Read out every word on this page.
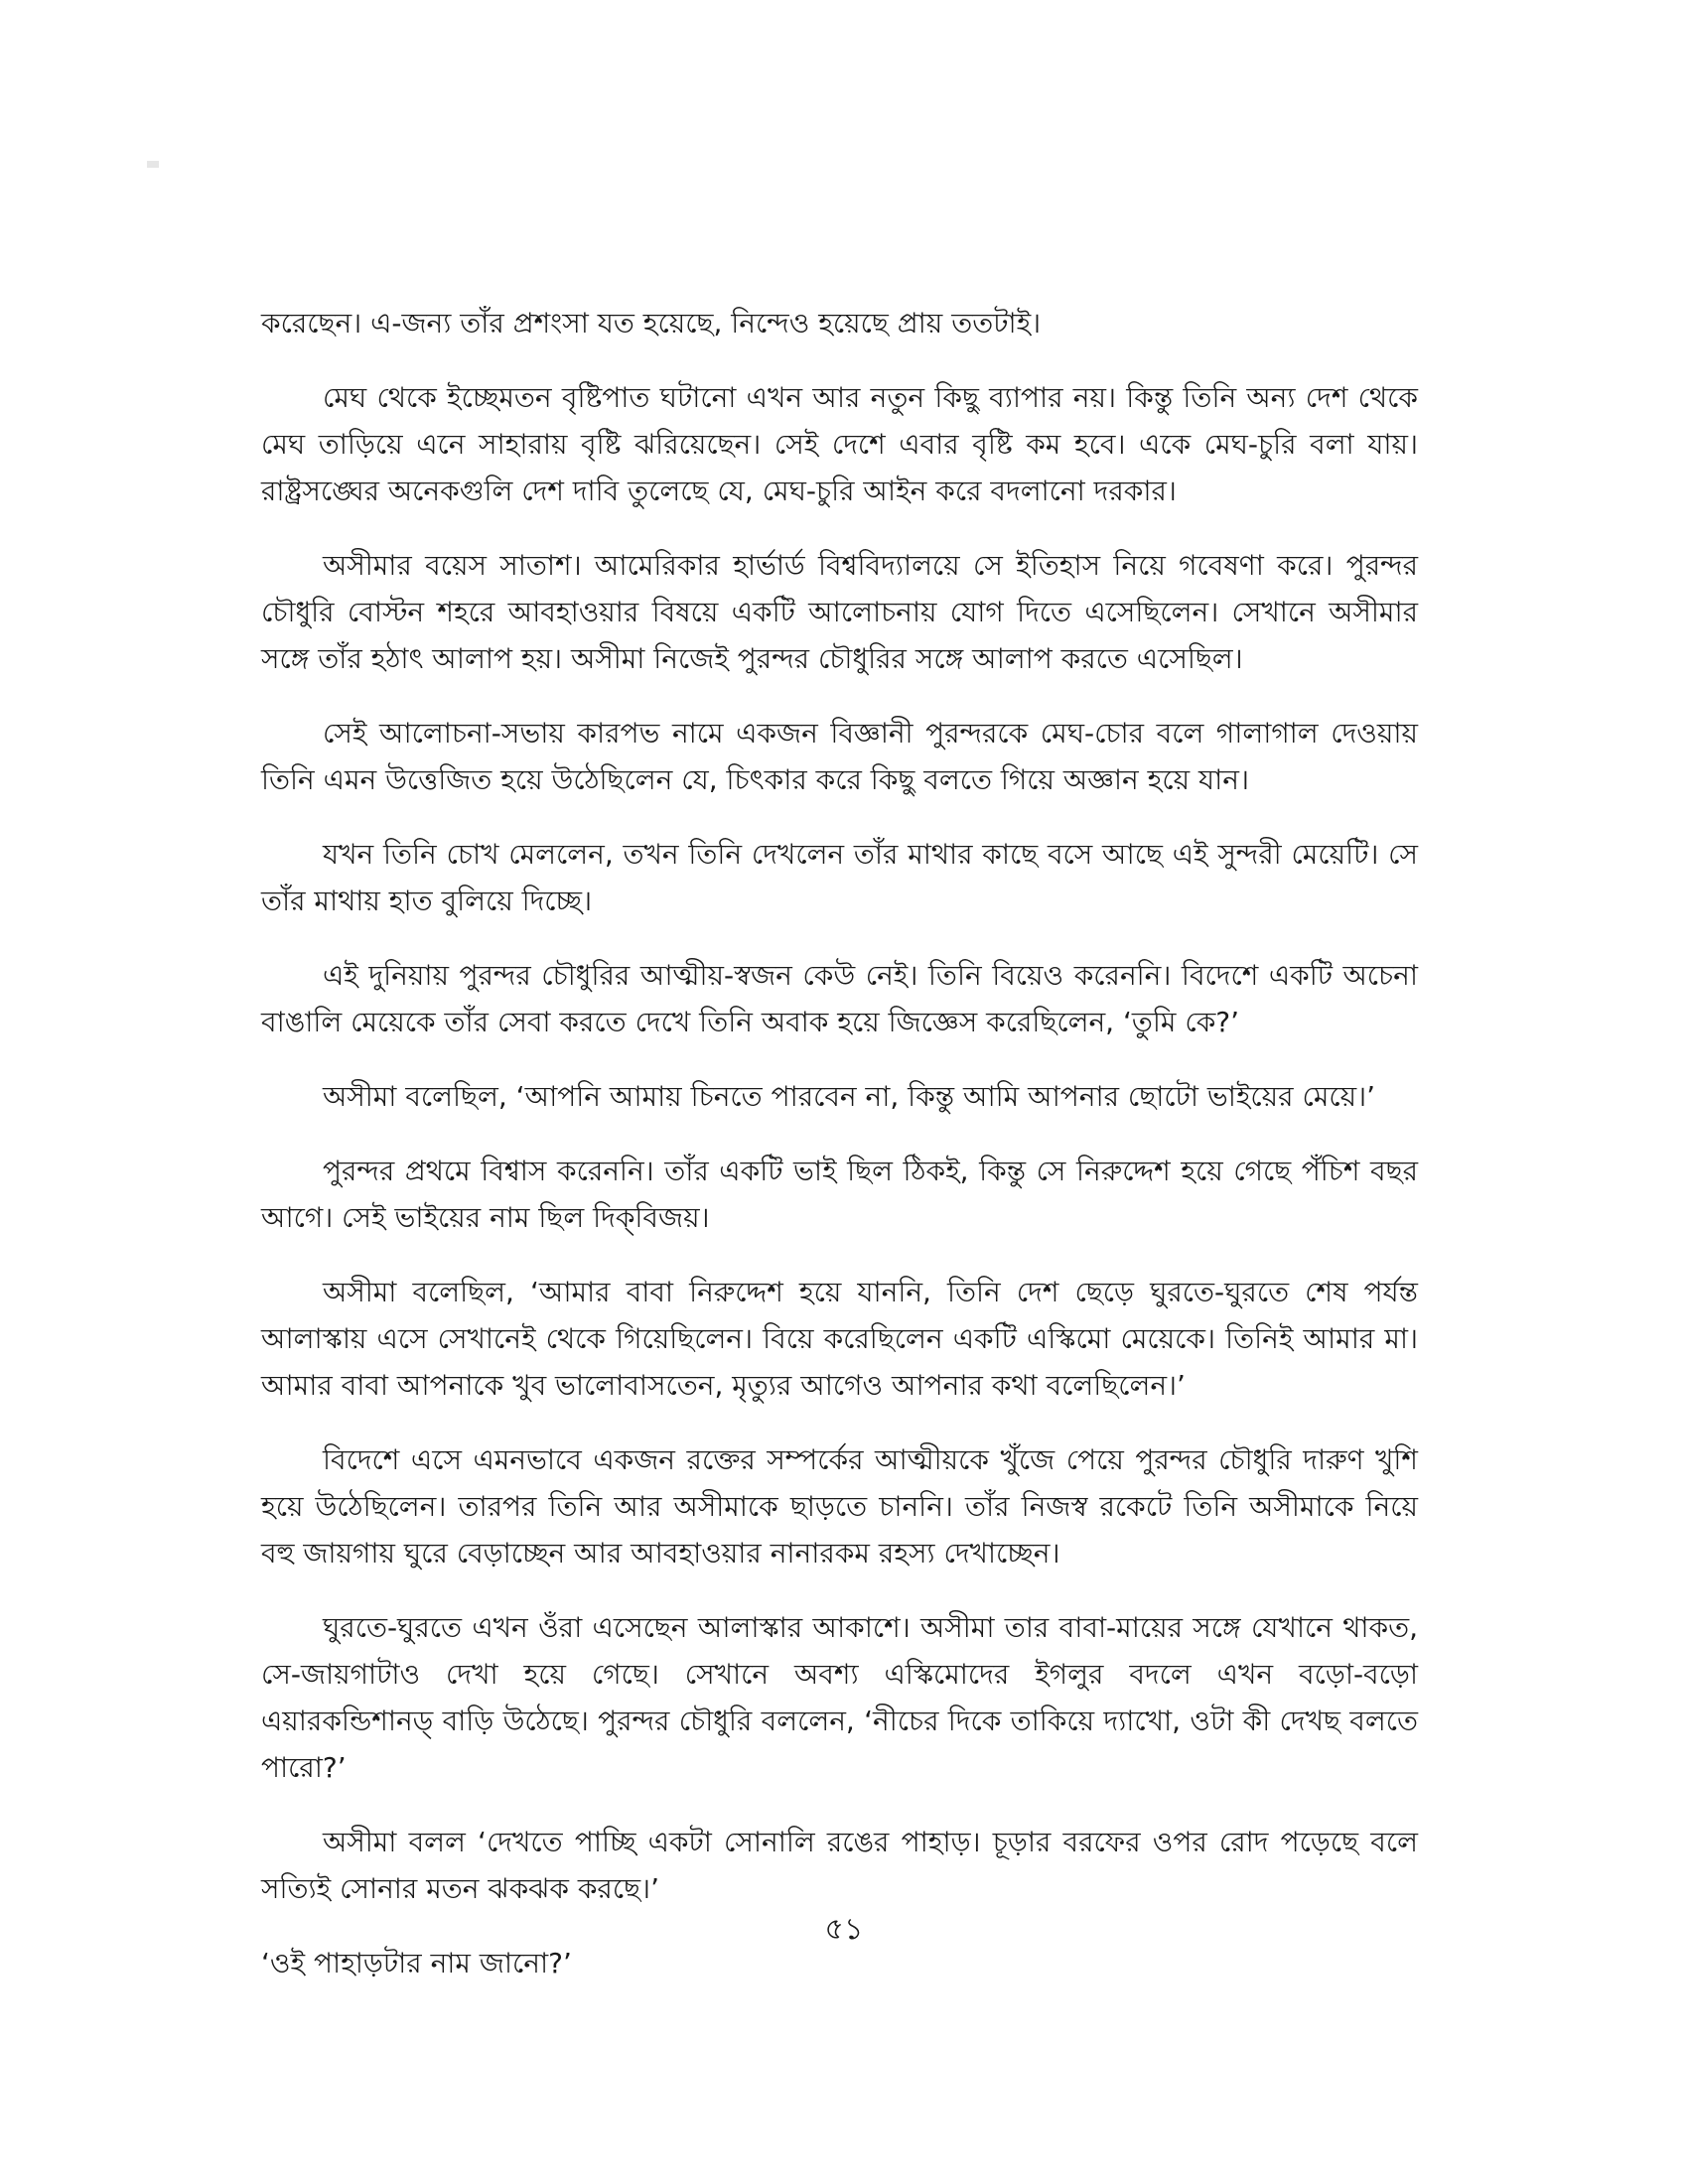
করেছেন। এ-জন্য তাঁর প্রশংসা যত হয়েছে, নিন্দেও হয়েছে প্রায় ততটাই।

মেঘ থেকে ইচ্ছেমতন বৃষ্টিপাত ঘটানো এখন আর নতুন কিছু ব্যাপার নয়। কিন্তু তিনি অন্য দেশ থেকে মেঘ তাড়িয়ে এনে সাহারায় বৃষ্টি ঝরিয়েছেন। সেই দেশে এবার বৃষ্টি কম হবে। একে মেঘ-চুরি বলা যায়। রাষ্ট্রসঙ্ঘের অনেকগুলি দেশ দাবি তুলেছে যে, মেঘ-চুরি আইন করে বদলানো দরকার।

অসীমার বয়েস সাতাশ। আমেরিকার হার্ভার্ড বিশ্ববিদ্যালয়ে সে ইতিহাস নিয়ে গবেষণা করে। পুরন্দর চৌধুরি বোস্টন শহরে আবহাওয়ার বিষয়ে একটি আলোচনায় যোগ দিতে এসেছিলেন। সেখানে অসীমার সঙ্গে তাঁর হঠাৎ আলাপ হয়। অসীমা নিজেই পুরন্দর চৌধুরির সঙ্গে আলাপ করতে এসেছিল।

সেই আলোচনা-সভায় কারপভ নামে একজন বিজ্ঞানী পুরন্দরকে মেঘ-চোর বলে গালাগাল দেওয়ায় তিনি এমন উত্তেজিত হয়ে উঠেছিলেন যে, চিৎকার করে কিছু বলতে গিয়ে অজ্ঞান হয়ে যান।

যখন তিনি চোখ মেললেন, তখন তিনি দেখলেন তাঁর মাথার কাছে বসে আছে এই সুন্দরী মেয়েটি। সে তাঁর মাথায় হাত বুলিয়ে দিচ্ছে।

এই দুনিয়ায় পুরন্দর চৌধুরির আত্মীয়-স্বজন কেউ নেই। তিনি বিয়েও করেননি। বিদেশে একটি অচেনা বাঙালি মেয়েকে তাঁর সেবা করতে দেখে তিনি অবাক হয়ে জিজ্ঞেস করেছিলেন, ‘তুমি কে?’

অসীমা বলেছিল, ‘আপনি আমায় চিনতে পারবেন না, কিন্তু আমি আপনার ছোটো ভাইয়ের মেয়ে।’

পুরন্দর প্রথমে বিশ্বাস করেননি। তাঁর একটি ভাই ছিল ঠিকই, কিন্তু সে নিরুদ্দেশ হয়ে গেছে পঁচিশ বছর আগে। সেই ভাইয়ের নাম ছিল দিক্‌বিজয়।

অসীমা বলেছিল, ‘আমার বাবা নিরুদ্দেশ হয়ে যাননি, তিনি দেশ ছেড়ে ঘুরতে-ঘুরতে শেষ পর্যন্ত আলাস্কায় এসে সেখানেই থেকে গিয়েছিলেন। বিয়ে করেছিলেন একটি এস্কিমো মেয়েকে। তিনিই আমার মা। আমার বাবা আপনাকে খুব ভালোবাসতেন, মৃত্যুর আগেও আপনার কথা বলেছিলেন।’

বিদেশে এসে এমনভাবে একজন রক্তের সম্পর্কের আত্মীয়কে খুঁজে পেয়ে পুরন্দর চৌধুরি দারুণ খুশি হয়ে উঠেছিলেন। তারপর তিনি আর অসীমাকে ছাড়তে চাননি। তাঁর নিজস্ব রকেটে তিনি অসীমাকে নিয়ে বহু জায়গায় ঘুরে বেড়াচ্ছেন আর আবহাওয়ার নানারকম রহস্য দেখাচ্ছেন।

ঘুরতে-ঘুরতে এখন ওঁরা এসেছেন আলাস্কার আকাশে। অসীমা তার বাবা-মায়ের সঙ্গে যেখানে থাকত, সে-জায়গাটাও দেখা হয়ে গেছে। সেখানে অবশ্য এস্কিমোদের ইগলুর বদলে এখন বড়ো-বড়ো এয়ারকন্ডিশানড্ বাড়ি উঠেছে। পুরন্দর চৌধুরি বললেন, ‘নীচের দিকে তাকিয়ে দ্যাখো, ওটা কী দেখছ বলতে পারো?’

অসীমা বলল ‘দেখতে পাচ্ছি একটা সোনালি রঙের পাহাড়। চূড়ার বরফের ওপর রোদ পড়েছে বলে সত্যিই সোনার মতন ঝকঝক করছে।’

‘ওই পাহাড়টার নাম জানো?’

৫১
